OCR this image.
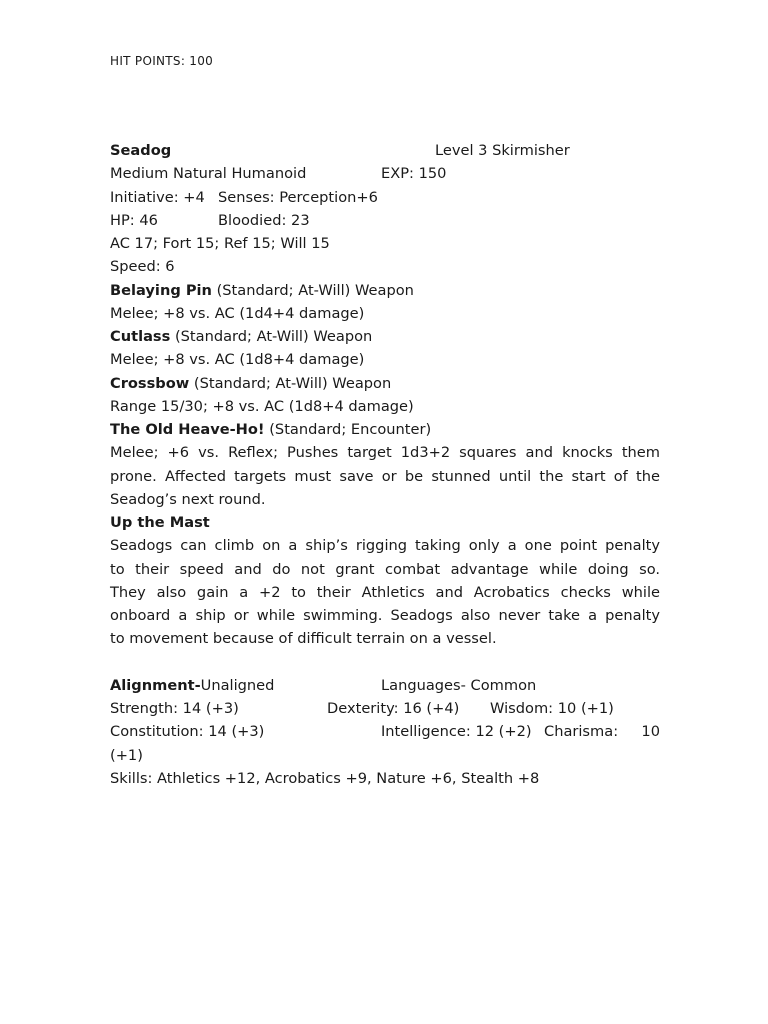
HIT POINTS: 100
Seadog	Level 3 Skirmisher
Medium Natural Humanoid	EXP: 150
Initiative: +4 Senses: Perception+6
HP: 46	Bloodied: 23
AC 17; Fort 15; Ref 15; Will 15
Speed: 6
Belaying Pin (Standard; At-Will) Weapon
Melee; +8 vs. AC (1d4+4 damage)
Cutlass (Standard; At-Will) Weapon
Melee; +8 vs. AC (1d8+4 damage)
Crossbow (Standard; At-Will) Weapon
Range 15/30; +8 vs. AC (1d8+4 damage)
The Old Heave-Ho! (Standard; Encounter)
Melee; +6 vs. Reflex; Pushes target 1d3+2 squares and knocks them
prone. Affected targets must save or be stunned until the start of the
Seadog’s next round.
Up the Mast
Seadogs can climb on a ship’s rigging taking only a one point penalty
to their speed and do not grant combat advantage while doing so.
They also gain a +2 to their Athletics and Acrobatics checks while
onboard a ship or while swimming. Seadogs also never take a penalty
to movement because of difficult terrain on a vessel.
Alignment-Unaligned	Languages- Common
Strength: 14 (+3)	Dexterity: 16 (+4) Wisdom: 10 (+1)
Constitution: 14 (+3)	Intelligence: 12 (+2) Charisma: 10
(+1)
Skills: Athletics +12, Acrobatics +9, Nature +6, Stealth +8
